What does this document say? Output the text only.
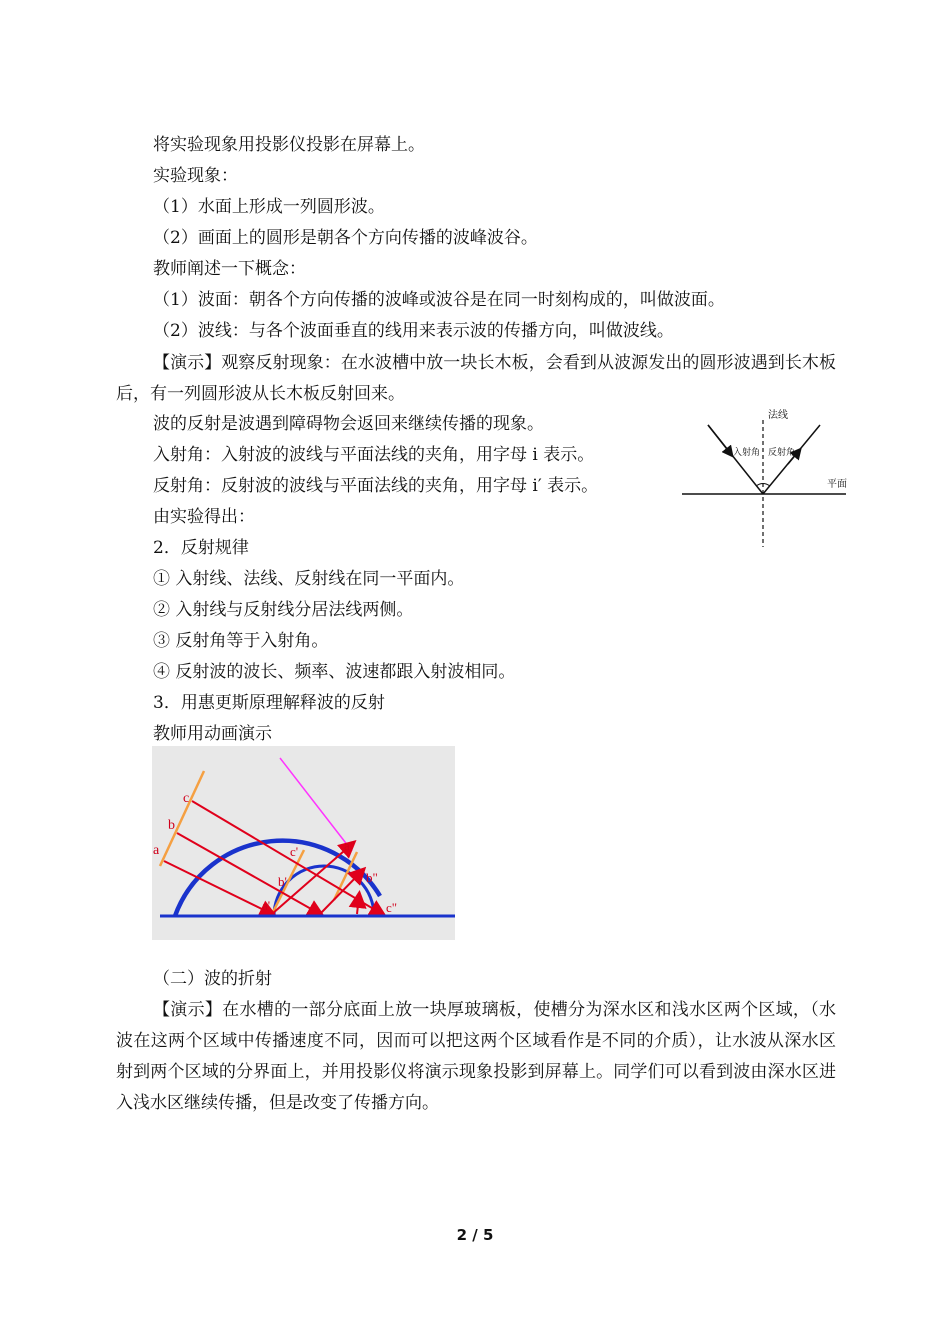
将实验现象用投影仪投影在屏幕上。
实验现象：
（1）水面上形成一列圆形波。
（2）画面上的圆形是朝各个方向传播的波峰波谷。
教师阐述一下概念：
（1）波面：朝各个方向传播的波峰或波谷是在同一时刻构成的，叫做波面。
（2）波线：与各个波面垂直的线用来表示波的传播方向，叫做波线。
【演示】观察反射现象：在水波槽中放一块长木板，会看到从波源发出的圆形波遇到长木板后，有一列圆形波从长木板反射回来。
波的反射是波遇到障碍物会返回来继续传播的现象。
入射角：入射波的波线与平面法线的夹角，用字母 i 表示。
反射角：反射波的波线与平面法线的夹角，用字母 i′ 表示。
由实验得出：
2．反射规律
① 入射线、法线、反射线在同一平面内。
② 入射线与反射线分居法线两侧。
③ 反射角等于入射角。
④ 反射波的波长、频率、波速都跟入射波相同。
3．用惠更斯原理解释波的反射
教师用动画演示
法线
入射角 反射角
平面
a
b
c
a'
b'
c'	a"
b"
c"
（二）波的折射
【演示】在水槽的一部分底面上放一块厚玻璃板，使槽分为深水区和浅水区两个区域，（水波在这两个区域中传播速度不同，因而可以把这两个区域看作是不同的介质），让水波从深水区射到两个区域的分界面上，并用投影仪将演示现象投影到屏幕上。同学们可以看到波由深水区进入浅水区继续传播，但是改变了传播方向。
2 / 5
